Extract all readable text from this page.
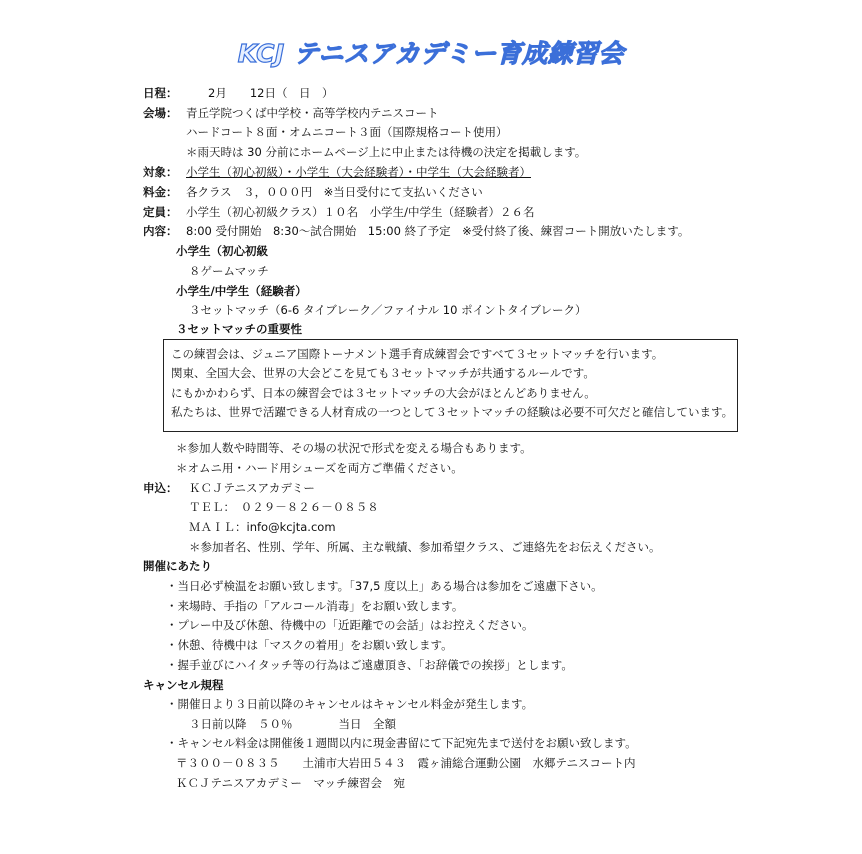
KCJ テニスアカデミー育成練習会
日程：	2月　　12日（　日　）
会場： 青丘学院つくば中学校・高等学校内テニスコート
ハードコート８面・オムニコート３面（国際規格コート使用）
＊雨天時は 30 分前にホームページ上に中止または待機の決定を掲載します。
対象： 小学生（初心初級）・小学生（大会経験者）・中学生（大会経験者）
料金： 各クラス　３，０００円　※当日受付にて支払いください
定員： 小学生（初心初級クラス）１０名　小学生/中学生（経験者）２６名
内容： 8:00 受付開始　8:30～試合開始　15:00 終了予定　※受付終了後、練習コート開放いたします。
小学生（初心初級
８ゲームマッチ
小学生/中学生（経験者）
３セットマッチ（6-6 タイブレーク／ファイナル 10 ポイントタイブレーク）
３セットマッチの重要性
この練習会は、ジュニア国際トーナメント選手育成練習会ですべて３セットマッチを行います。
関東、全国大会、世界の大会どこを見ても３セットマッチが共通するルールです。
にもかかわらず、日本の練習会では３セットマッチの大会がほとんどありません。
私たちは、世界で活躍できる人材育成の一つとして３セットマッチの経験は必要不可欠だと確信しています。
＊参加人数や時間等、その場の状況で形式を変える場合もあります。
＊オムニ用・ハード用シューズを両方ご準備ください。
申込： ＫＣＪテニスアカデミー
ＴＥＬ：　０２９－８２６－０８５８
ＭＡＩＬ：info@kcjta.com
＊参加者名、性別、学年、所属、主な戦績、参加希望クラス、ご連絡先をお伝えください。
開催にあたり
・当日必ず検温をお願い致します。「37,5 度以上」ある場合は参加をご遠慮下さい。
・来場時、手指の「アルコール消毒」をお願い致します。
・プレー中及び休憩、待機中の「近距離での会話」はお控えください。
・休憩、待機中は「マスクの着用」をお願い致します。
・握手並びにハイタッチ等の行為はご遠慮頂き、「お辞儀での挨拶」とします。
キャンセル規程
・開催日より３日前以降のキャンセルはキャンセル料金が発生します。
３日前以降　５０％　　　　当日　全額
・キャンセル料金は開催後１週間以内に現金書留にて下記宛先まで送付をお願い致します。
〒３００－０８３５　　土浦市大岩田５４３　霞ヶ浦総合運動公園　水郷テニスコート内
ＫＣＪテニスアカデミー　マッチ練習会　宛
